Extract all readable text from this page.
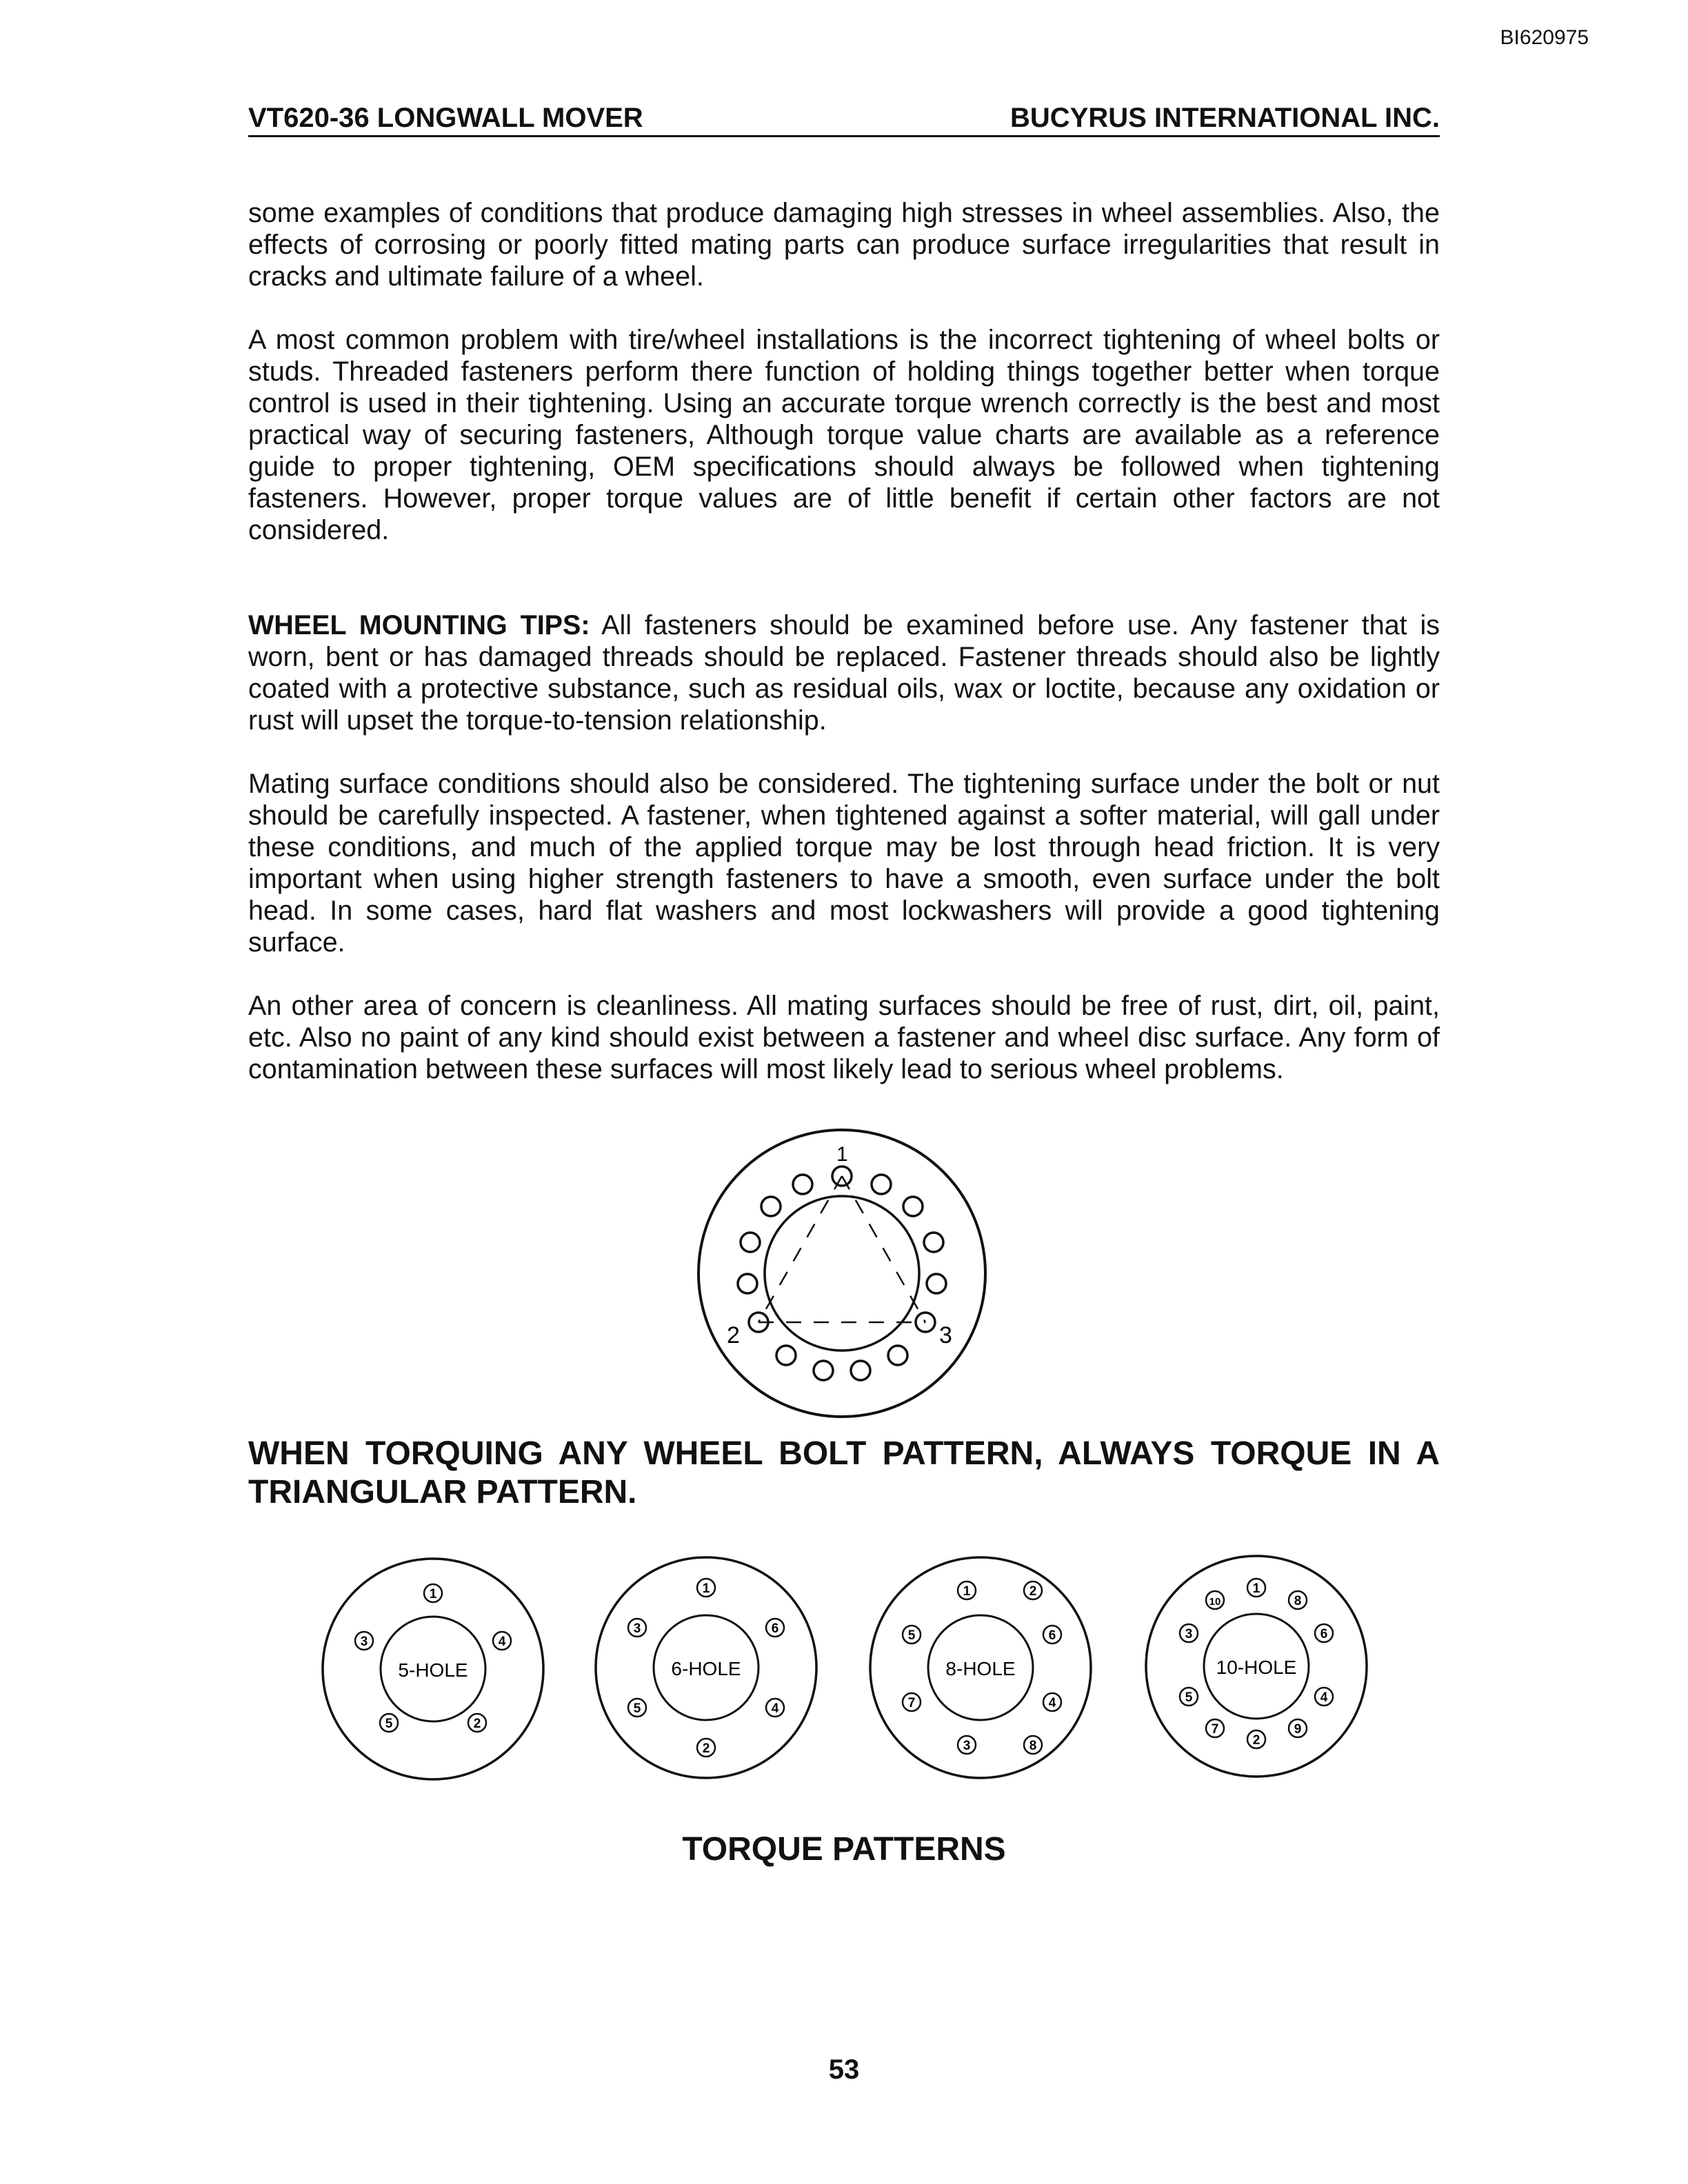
BI620975
VT620-36 LONGWALL MOVER	BUCYRUS INTERNATIONAL INC.

some examples of conditions that produce damaging high stresses in wheel assemblies. Also, the effects of corrosing or poorly fitted mating parts can produce surface irregularities that result in cracks and ultimate failure of a wheel.

A most common problem with tire/wheel installations is the incorrect tightening of wheel bolts or studs. Threaded fasteners perform there function of holding things together better when torque control is used in their tightening. Using an accurate torque wrench correctly is the best and most practical way of securing fasteners, Although torque value charts are available as a reference guide to proper tightening, OEM specifications should always be followed when tightening fasteners. However, proper torque values are of little benefit if certain other factors are not considered.

WHEEL MOUNTING TIPS: All fasteners should be examined before use. Any fastener that is worn, bent or has damaged threads should be replaced. Fastener threads should also be lightly coated with a protective substance, such as residual oils, wax or loctite, because any oxidation or rust will upset the torque-to-tension relationship.

Mating surface conditions should also be considered. The tightening surface under the bolt or nut should be carefully inspected. A fastener, when tightened against a softer material, will gall under these conditions, and much of the applied torque may be lost through head friction. It is very important when using higher strength fasteners to have a smooth, even surface under the bolt head. In some cases, hard flat washers and most lockwashers will provide a good tightening surface.

An other area of concern is cleanliness. All mating surfaces should be free of rust, dirt, oil, paint, etc. Also no paint of any kind should exist between a fastener and wheel disc surface. Any form of contamination between these surfaces will most likely lead to serious wheel problems.

1
2	3
WHEN TORQUING ANY WHEEL BOLT PATTERN, ALWAYS TORQUE IN A TRIANGULAR PATTERN.
5-HOLE
1
4
2
5
3
6-HOLE
1
6
4
2
5
3
8-HOLE
1	2
6
4
8
3
7
5
10-HOLE
1
8
6
4
9
2
7
5
3
10
TORQUE PATTERNS
53
